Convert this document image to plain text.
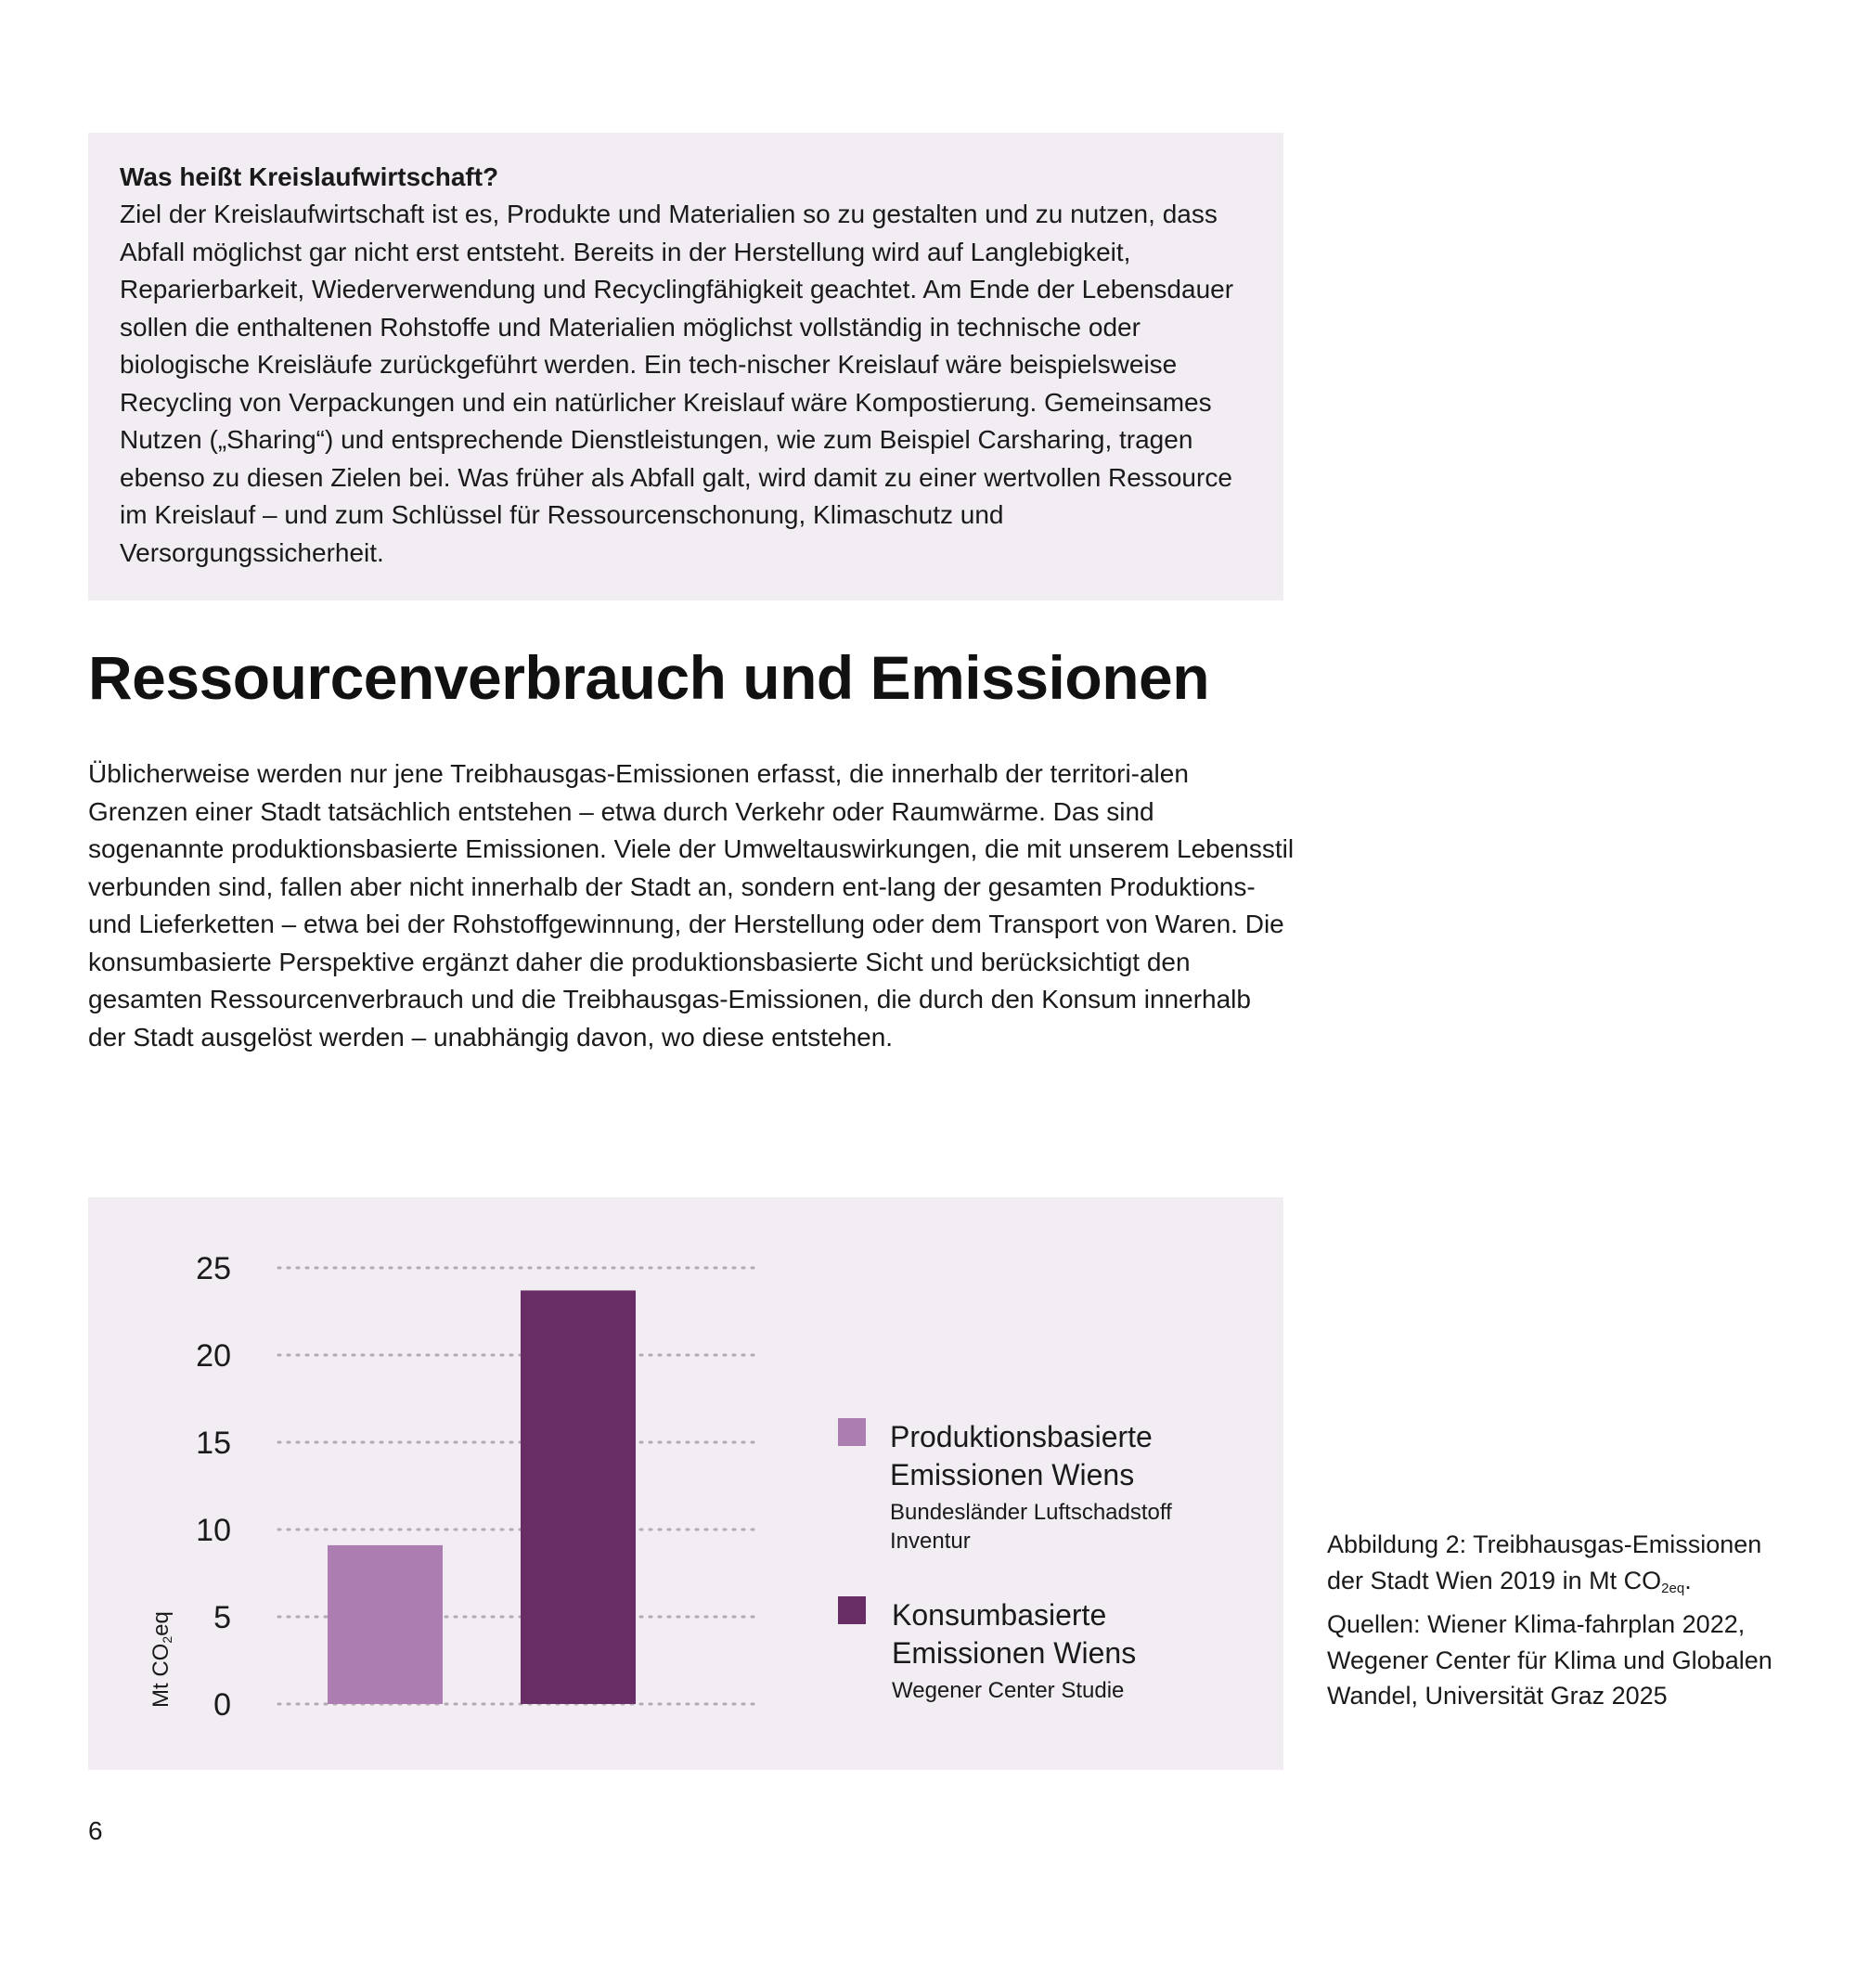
Was heißt Kreislaufwirtschaft?

Ziel der Kreislaufwirtschaft ist es, Produkte und Materialien so zu gestalten und zu nutzen, dass Abfall möglichst gar nicht erst entsteht. Bereits in der Herstellung wird auf Langlebigkeit, Reparierbarkeit, Wiederverwendung und Recyclingfähigkeit geachtet. Am Ende der Lebensdauer sollen die enthaltenen Rohstoffe und Materialien möglichst vollständig in technische oder biologische Kreisläufe zurückgeführt werden. Ein tech-nischer Kreislauf wäre beispielsweise Recycling von Verpackungen und ein natürlicher Kreislauf wäre Kompostierung. Gemeinsames Nutzen („Sharing“) und entsprechende Dienstleistungen, wie zum Beispiel Carsharing, tragen ebenso zu diesen Zielen bei. Was früher als Abfall galt, wird damit zu einer wertvollen Ressource im Kreislauf – und zum Schlüssel für Ressourcenschonung, Klimaschutz und Versorgungssicherheit.

Ressourcenverbrauch und Emissionen

Üblicherweise werden nur jene Treibhausgas-Emissionen erfasst, die innerhalb der territori-alen Grenzen einer Stadt tatsächlich entstehen – etwa durch Verkehr oder Raumwärme. Das sind sogenannte produktionsbasierte Emissionen. Viele der Umweltauswirkungen, die mit unserem Lebensstil verbunden sind, fallen aber nicht innerhalb der Stadt an, sondern ent-lang der gesamten Produktions- und Lieferketten – etwa bei der Rohstoffgewinnung, der Herstellung oder dem Transport von Waren. Die konsumbasierte Perspektive ergänzt daher die produktionsbasierte Sicht und berücksichtigt den gesamten Ressourcenverbrauch und die Treibhausgas-Emissionen, die durch den Konsum innerhalb der Stadt ausgelöst werden – unabhängig davon, wo diese entstehen.

0
5
10
15
20
25
Mt CO2eq
Produktionsbasierte Emissionen Wiens
Bundesländer Luftschadstoff Inventur
Konsumbasierte Emissionen Wiens
Wegener Center Studie

Abbildung 2: Treibhausgas-Emissionen der Stadt Wien 2019 in Mt $CO_{2eq}$. Quellen: Wiener Klima-fahrplan 2022, Wegener Center für Klima und Globalen Wandel, Universität Graz 2025

6
